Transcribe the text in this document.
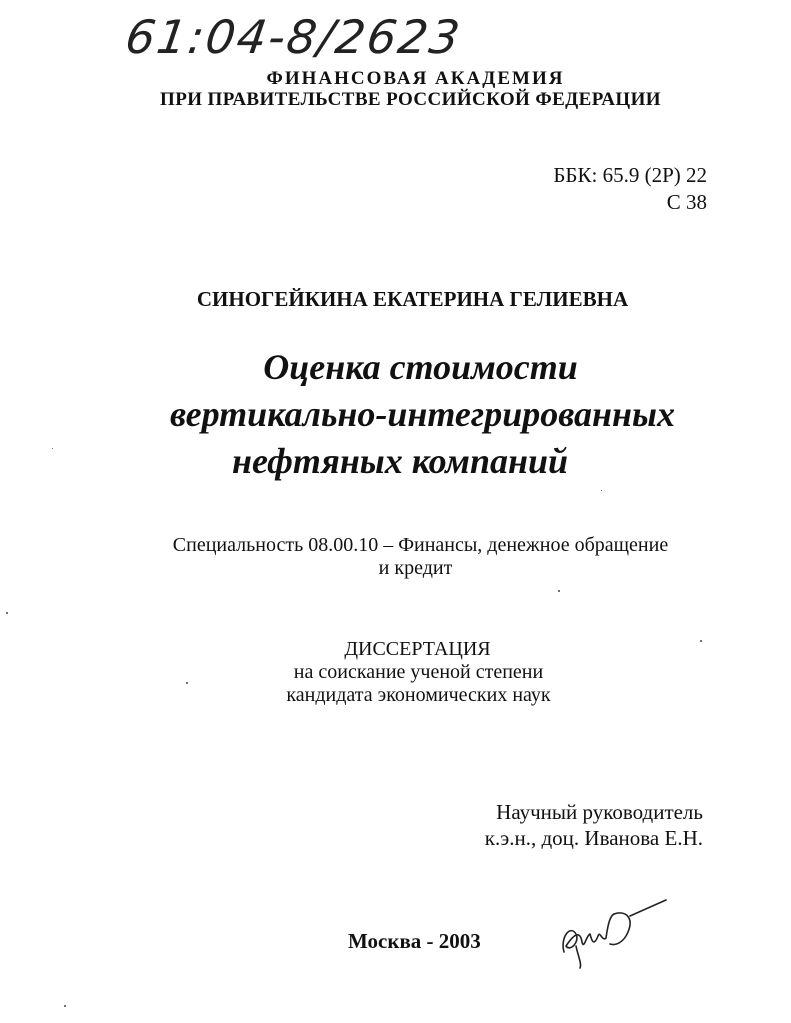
61:04-8/2623
ФИНАНСОВАЯ АКАДЕМИЯ
ПРИ ПРАВИТЕЛЬСТВЕ РОССИЙСКОЙ ФЕДЕРАЦИИ
ББК: 65.9 (2Р) 22
С 38
СИНОГЕЙКИНА ЕКАТЕРИНА ГЕЛИЕВНА
Оценка стоимости
вертикально-интегрированных
нефтяных компаний
Специальность 08.00.10 – Финансы, денежное обращение
и кредит
ДИССЕРТАЦИЯ
на соискание ученой степени
кандидата экономических наук
Научный руководитель
к.э.н., доц. Иванова Е.Н.
Москва - 2003
